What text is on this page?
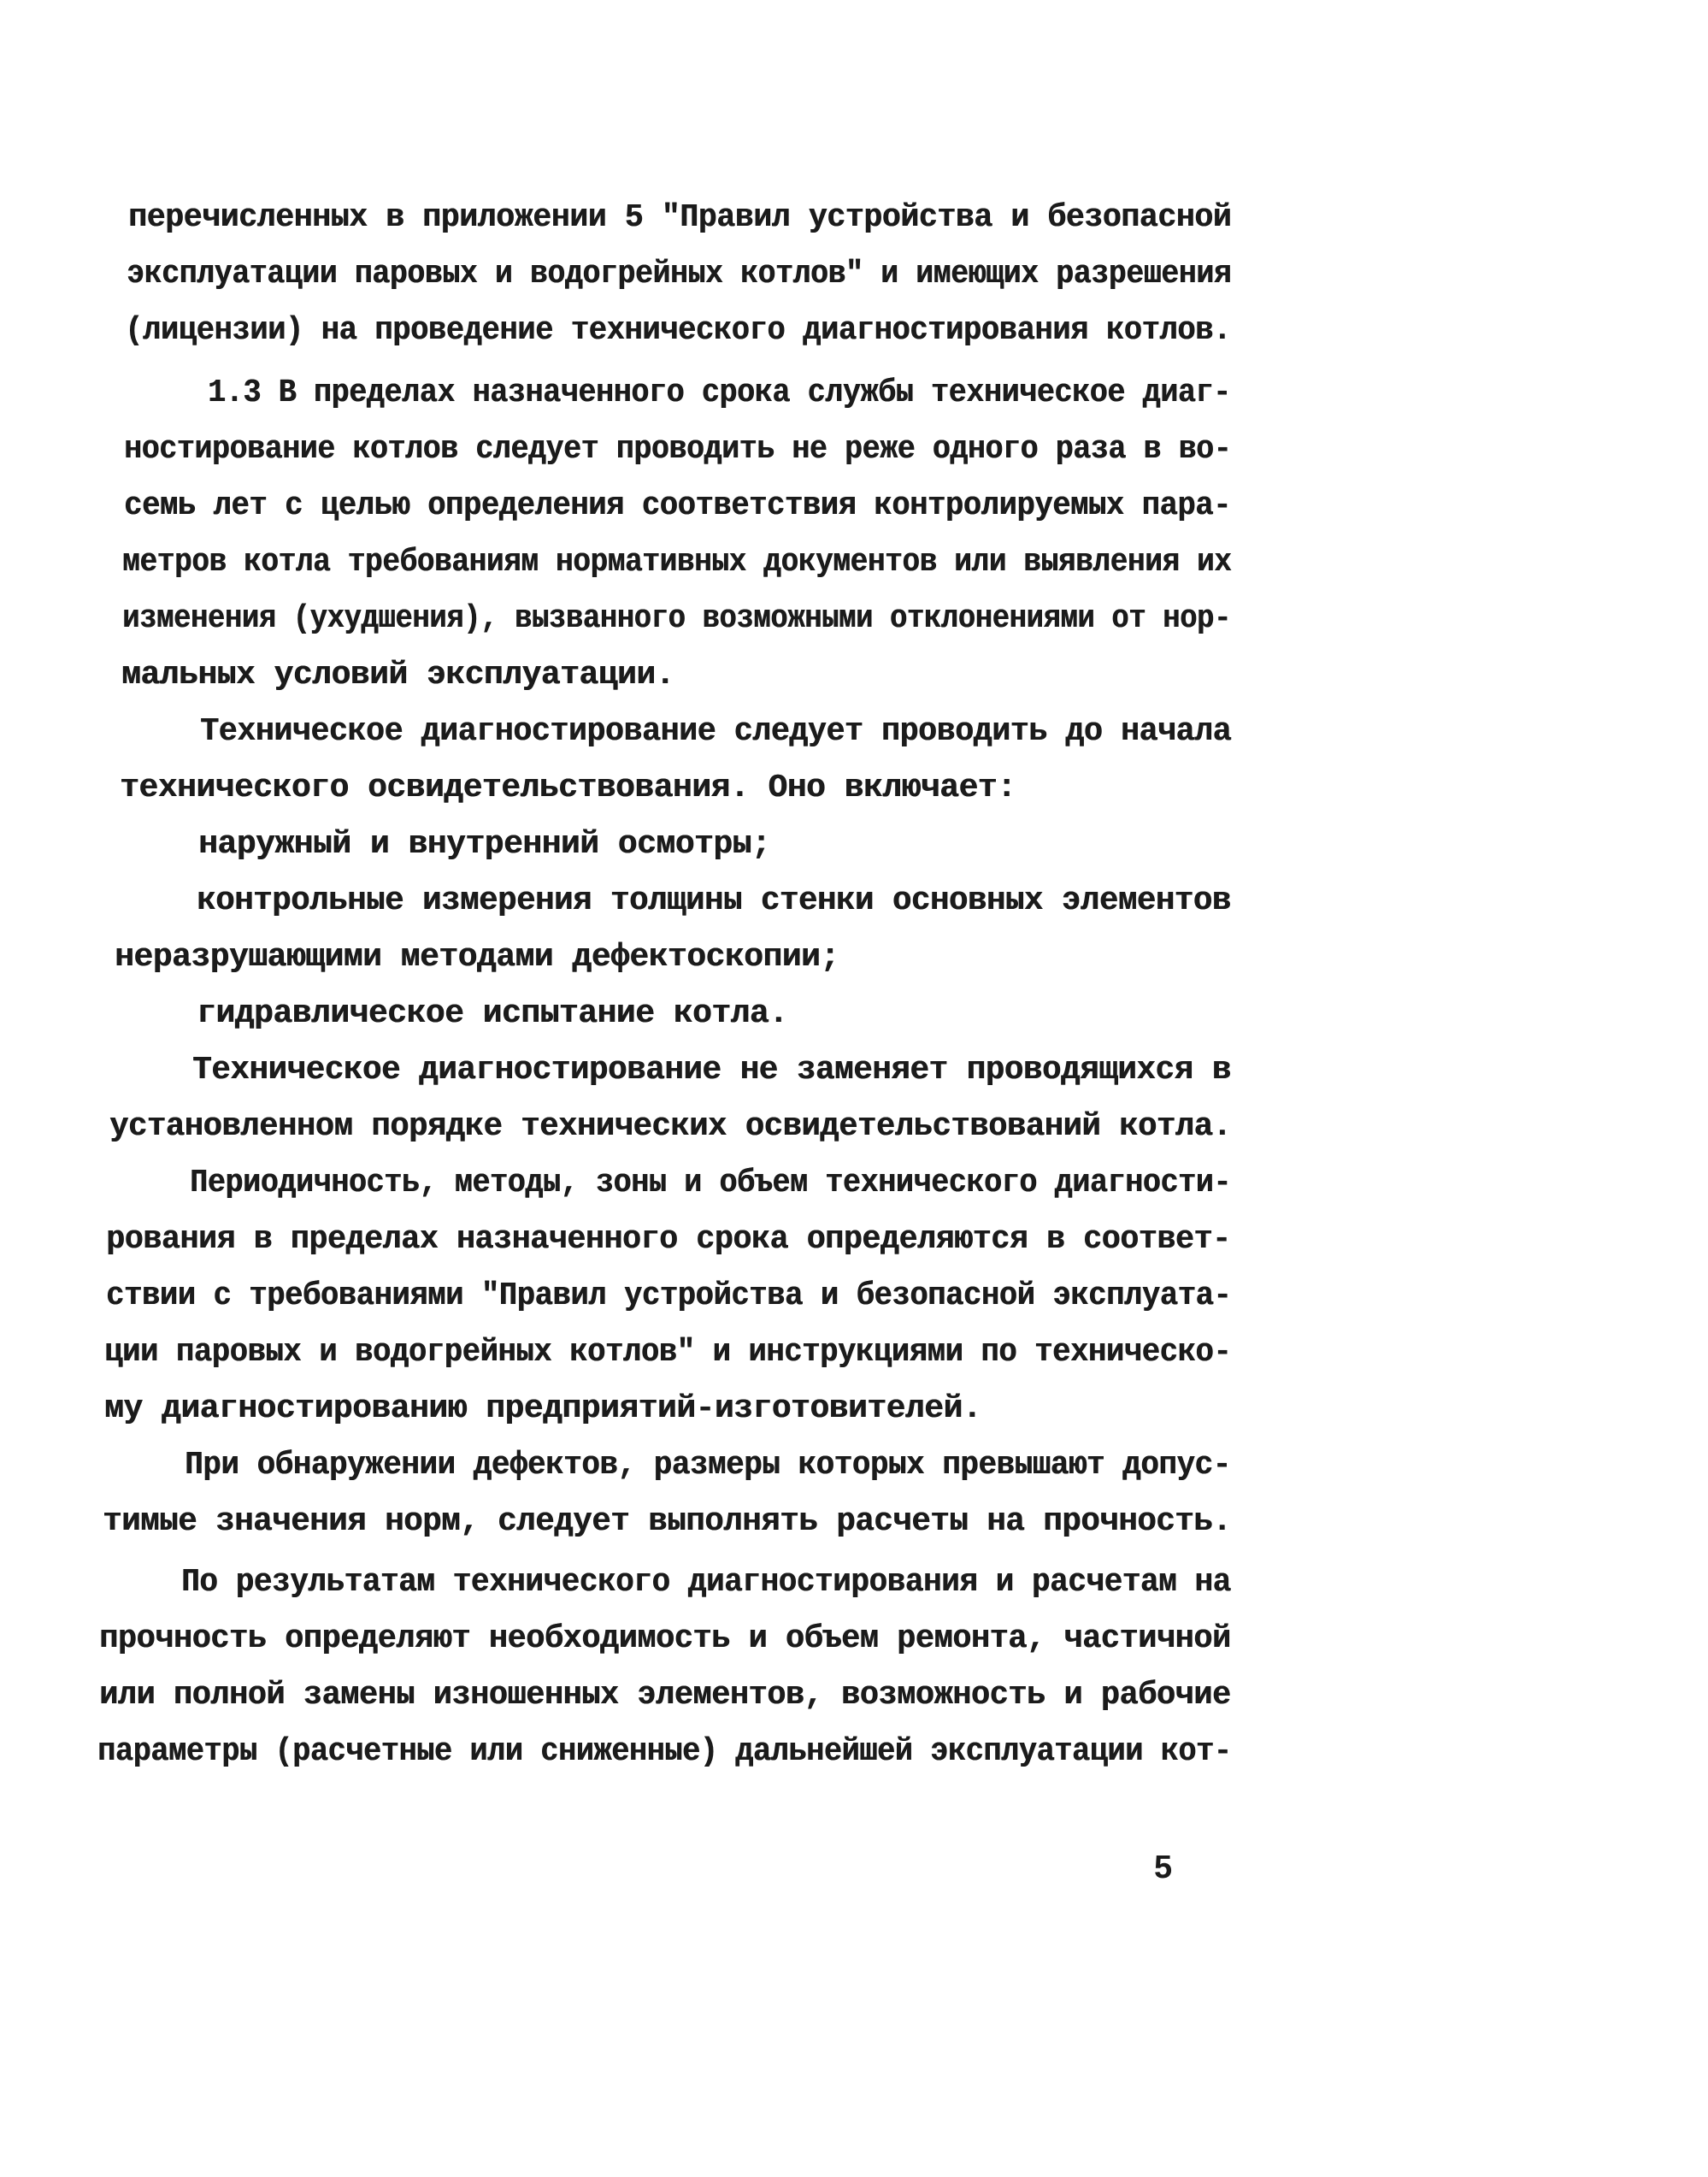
перечисленных в приложении 5 "Правил устройства и безопасной
эксплуатации паровых и водогрейных котлов" и имеющих разрешения
(лицензии) на проведение технического диагностирования котлов.
1.3 В пределах назначенного срока службы техническое диаг-
ностирование котлов следует проводить не реже одного раза в во-
семь лет с целью определения соответствия контролируемых пара-
метров котла требованиям нормативных документов или выявления их
изменения (ухудшения), вызванного возможными отклонениями от нор-
мальных условий эксплуатации.
Техническое диагностирование следует проводить до начала
технического освидетельствования. Оно включает:
наружный и внутренний осмотры;
контрольные измерения толщины стенки основных элементов
неразрушающими методами дефектоскопии;
гидравлическое испытание котла.
Техническое диагностирование не заменяет проводящихся в
установленном порядке технических освидетельствований котла.
Периодичность, методы, зоны и объем технического диагности-
рования в пределах назначенного срока определяются в соответ-
ствии с требованиями "Правил устройства и безопасной эксплуата-
ции паровых и водогрейных котлов" и инструкциями по техническо-
му диагностированию предприятий-изготовителей.
При обнаружении дефектов, размеры которых превышают допус-
тимые значения норм, следует выполнять расчеты на прочность.
По результатам технического диагностирования и расчетам на
прочность определяют необходимость и объем ремонта, частичной
или полной замены изношенных элементов, возможность и рабочие
параметры (расчетные или сниженные) дальнейшей эксплуатации кот-
5
